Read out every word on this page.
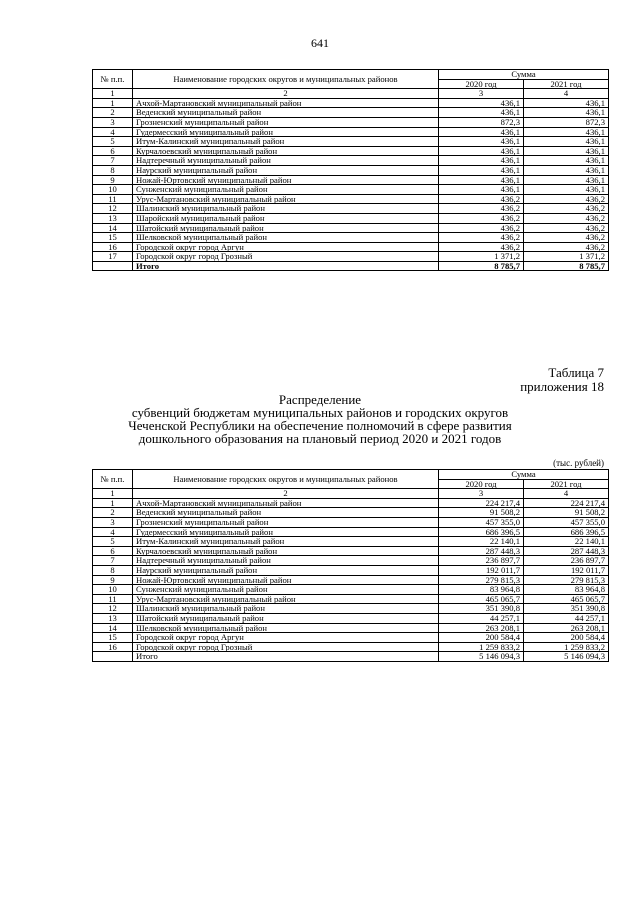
641
№ п.п.	Наименование городских округов и муниципальных районов	Сумма	
		2020 год	2021 год
1	2	3	4
1	Ачхой-Мартановский муниципальный район	436,1	436,1
2	Веденский муниципальный район	436,1	436,1
3	Грозненский муниципальный район	872,3	872,3
4	Гудермесский муниципальный район	436,1	436,1
5	Итум-Калинский муниципальный район	436,1	436,1
6	Курчалоевский муниципальный район	436,1	436,1
7	Надтеречный муниципальный район	436,1	436,1
8	Наурский муниципальный район	436,1	436,1
9	Ножай-Юртовский муниципальный район	436,1	436,1
10	Сунженский муниципальный район	436,1	436,1
11	Урус-Мартановский муниципальный район	436,2	436,2
12	Шалинский муниципальный район	436,2	436,2
13	Шаройский муниципальный район	436,2	436,2
14	Шатойский муниципальный район	436,2	436,2
15	Шелковской муниципальный район	436,2	436,2
16	Городской округ город Аргун	436,2	436,2
17	Городской округ город Грозный	1 371,2	1 371,2
	Итого	8 785,7	8 785,7
Таблица 7
приложения 18
Распределение
субвенций бюджетам муниципальных районов и городских округов
Чеченской Республики на обеспечение полномочий в сфере развития
дошкольного образования на плановый период 2020 и 2021 годов
(тыс. рублей)
№ п.п.	Наименование городских округов и муниципальных районов	Сумма	
		2020 год	2021 год
1	2	3	4
1	Ачхой-Мартановский муниципальный район	224 217,4	224 217,4
2	Веденский муниципальный район	91 508,2	91 508,2
3	Грозненский муниципальный район	457 355,0	457 355,0
4	Гудермесский муниципальный район	686 396,5	686 396,5
5	Итум-Калинский муниципальный район	22 140,1	22 140,1
6	Курчалоевский муниципальный район	287 448,3	287 448,3
7	Надтеречный муниципальный район	236 897,7	236 897,7
8	Наурский муниципальный район	192 011,7	192 011,7
9	Ножай-Юртовский муниципальный район	279 815,3	279 815,3
10	Сунженский муниципальный район	83 964,8	83 964,8
11	Урус-Мартановский муниципальный район	465 065,7	465 065,7
12	Шалинский муниципальный район	351 390,8	351 390,8
13	Шатойский муниципальный район	44 257,1	44 257,1
14	Шелковской муниципальный район	263 208,1	263 208,1
15	Городской округ город Аргун	200 584,4	200 584,4
16	Городской округ город Грозный	1 259 833,2	1 259 833,2
	Итого	5 146 094,3	5 146 094,3
